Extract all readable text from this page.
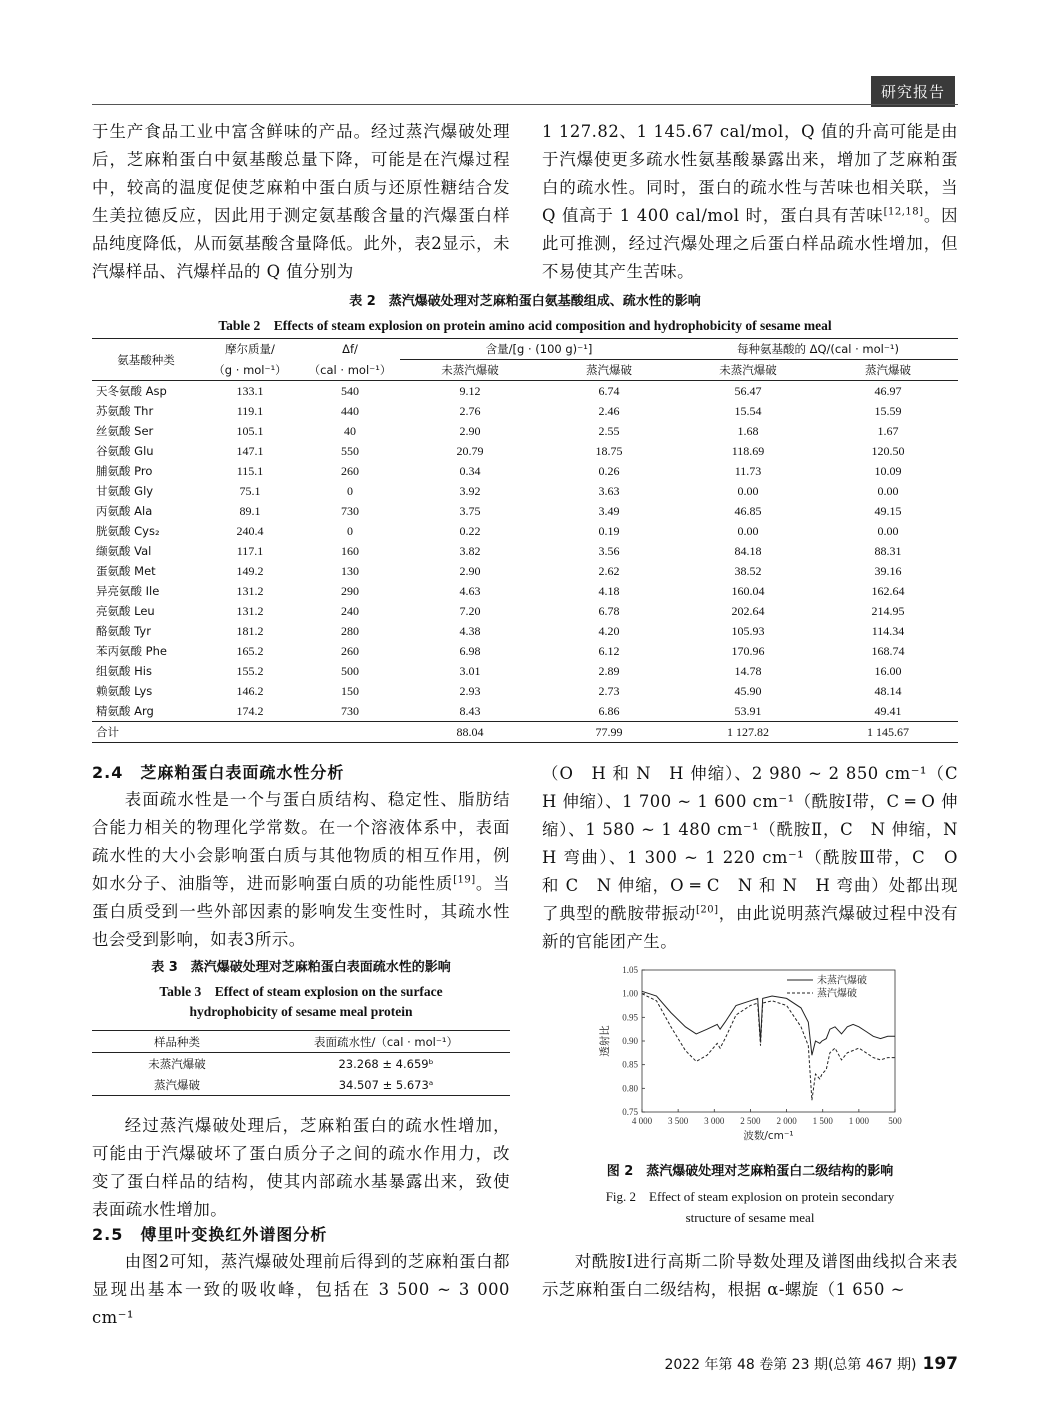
研究报告

于生产食品工业中富含鲜味的产品。经过蒸汽爆破处理后，芝麻粕蛋白中氨基酸总量下降，可能是在汽爆过程中，较高的温度促使芝麻粕中蛋白质与还原性糖结合发生美拉德反应，因此用于测定氨基酸含量的汽爆蛋白样品纯度降低，从而氨基酸含量降低。此外，表2显示，未汽爆样品、汽爆样品的 Q 值分别为

1 127.82、1 145.67 cal/mol，Q 值的升高可能是由于汽爆使更多疏水性氨基酸暴露出来，增加了芝麻粕蛋白的疏水性。同时，蛋白的疏水性与苦味也相关联，当 Q 值高于 1 400 cal/mol 时，蛋白具有苦味[12,18]。因此可推测，经过汽爆处理之后蛋白样品疏水性增加，但不易使其产生苦味。

表 2　蒸汽爆破处理对芝麻粕蛋白氨基酸组成、疏水性的影响
Table 2　Effects of steam explosion on protein amino acid composition and hydrophobicity of sesame meal
氨基酸种类	摩尔质量/	Δf/	含量/[g · (100 g)⁻¹]		每种氨基酸的 ΔQ/(cal · mol⁻¹)	
	（g · mol⁻¹）	（cal · mol⁻¹）	未蒸汽爆破	蒸汽爆破	未蒸汽爆破	蒸汽爆破
天冬氨酸 Asp	133.1	540	9.12	6.74	56.47	46.97
苏氨酸 Thr	119.1	440	2.76	2.46	15.54	15.59
丝氨酸 Ser	105.1	40	2.90	2.55	1.68	1.67
谷氨酸 Glu	147.1	550	20.79	18.75	118.69	120.50
脯氨酸 Pro	115.1	260	0.34	0.26	11.73	10.09
甘氨酸 Gly	75.1	0	3.92	3.63	0.00	0.00
丙氨酸 Ala	89.1	730	3.75	3.49	46.85	49.15
胱氨酸 Cys₂	240.4	0	0.22	0.19	0.00	0.00
缬氨酸 Val	117.1	160	3.82	3.56	84.18	88.31
蛋氨酸 Met	149.2	130	2.90	2.62	38.52	39.16
异亮氨酸 Ile	131.2	290	4.63	4.18	160.04	162.64
亮氨酸 Leu	131.2	240	7.20	6.78	202.64	214.95
酪氨酸 Tyr	181.2	280	4.38	4.20	105.93	114.34
苯丙氨酸 Phe	165.2	260	6.98	6.12	170.96	168.74
组氨酸 His	155.2	500	3.01	2.89	14.78	16.00
赖氨酸 Lys	146.2	150	2.93	2.73	45.90	48.14
精氨酸 Arg	174.2	730	8.43	6.86	53.91	49.41
合计			88.04	77.99	1 127.82	1 145.67
2.4　芝麻粕蛋白表面疏水性分析

表面疏水性是一个与蛋白质结构、稳定性、脂肪结合能力相关的物理化学常数。在一个溶液体系中，表面疏水性的大小会影响蛋白质与其他物质的相互作用，例如水分子、油脂等，进而影响蛋白质的功能性质[19]。当蛋白质受到一些外部因素的影响发生变性时，其疏水性也会受到影响，如表3所示。

表 3　蒸汽爆破处理对芝麻粕蛋白表面疏水性的影响
Table 3　Effect of steam explosion on the surface
hydrophobicity of sesame meal protein
样品种类	表面疏水性/（cal · mol⁻¹）
未蒸汽爆破	23.268 ± 4.659ᵇ
蒸汽爆破	34.507 ± 5.673ᵃ

经过蒸汽爆破处理后，芝麻粕蛋白的疏水性增加，可能由于汽爆破坏了蛋白质分子之间的疏水作用力，改变了蛋白样品的结构，使其内部疏水基暴露出来，致使表面疏水性增加。

2.5　傅里叶变换红外谱图分析

由图2可知，蒸汽爆破处理前后得到的芝麻粕蛋白都显现出基本一致的吸收峰，包括在 3 500 ~ 3 000 cm⁻¹

（O　H 和 N　H 伸缩）、2 980 ~ 2 850 cm⁻¹（C　H 伸缩）、1 700 ~ 1 600 cm⁻¹（酰胺Ⅰ带，C ═ O 伸缩）、1 580 ~ 1 480 cm⁻¹（酰胺Ⅱ，C　N 伸缩，N　H 弯曲）、1 300 ~ 1 220 cm⁻¹（酰胺Ⅲ带，C　O 和 C　N 伸缩，O ═ C　N 和 N　H 弯曲）处都出现了典型的酰胺带振动[20]，由此说明蒸汽爆破过程中没有新的官能团产生。

1.05
1.00
0.95
0.90
0.85
0.80
0.75
4 000 3 500 3 000 2 500 2 000 1 500 1 000 500
波数/cm⁻¹
透射比
未蒸汽爆破
蒸汽爆破
图 2　蒸汽爆破处理对芝麻粕蛋白二级结构的影响
Fig. 2　Effect of steam explosion on protein secondary
structure of sesame meal

对酰胺Ⅰ进行高斯二阶导数处理及谱图曲线拟合来表示芝麻粕蛋白二级结构，根据 α-螺旋（1 650 ~

2022 年第 48 卷第 23 期(总第 467 期) 197
